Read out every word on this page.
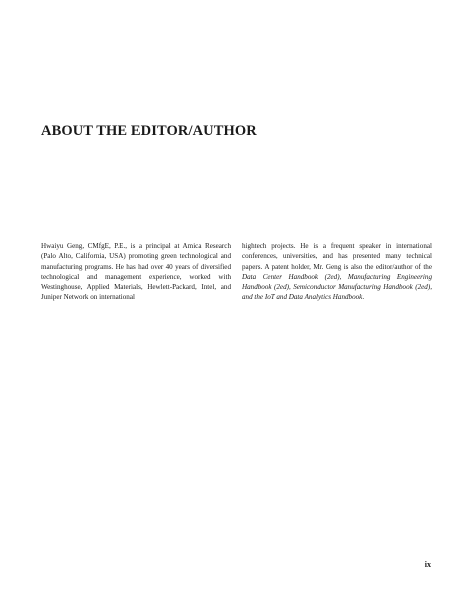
ABOUT THE EDITOR/AUTHOR

Hwaiyu Geng, CMfgE, P.E., is a principal at Amica Research (Palo Alto, California, USA) promoting green technological and manufacturing programs. He has had over 40 years of diversified technological and management experience, worked with Westinghouse, Applied Materials, Hewlett-Packard, Intel, and Juniper Network on international

hightech projects. He is a frequent speaker in international conferences, universities, and has presented many technical papers. A patent holder, Mr. Geng is also the editor/author of the Data Center Handbook (2ed), Manufacturing Engineering Handbook (2ed), Semiconductor Manufacturing Handbook (2ed), and the IoT and Data Analytics Handbook.

ix
